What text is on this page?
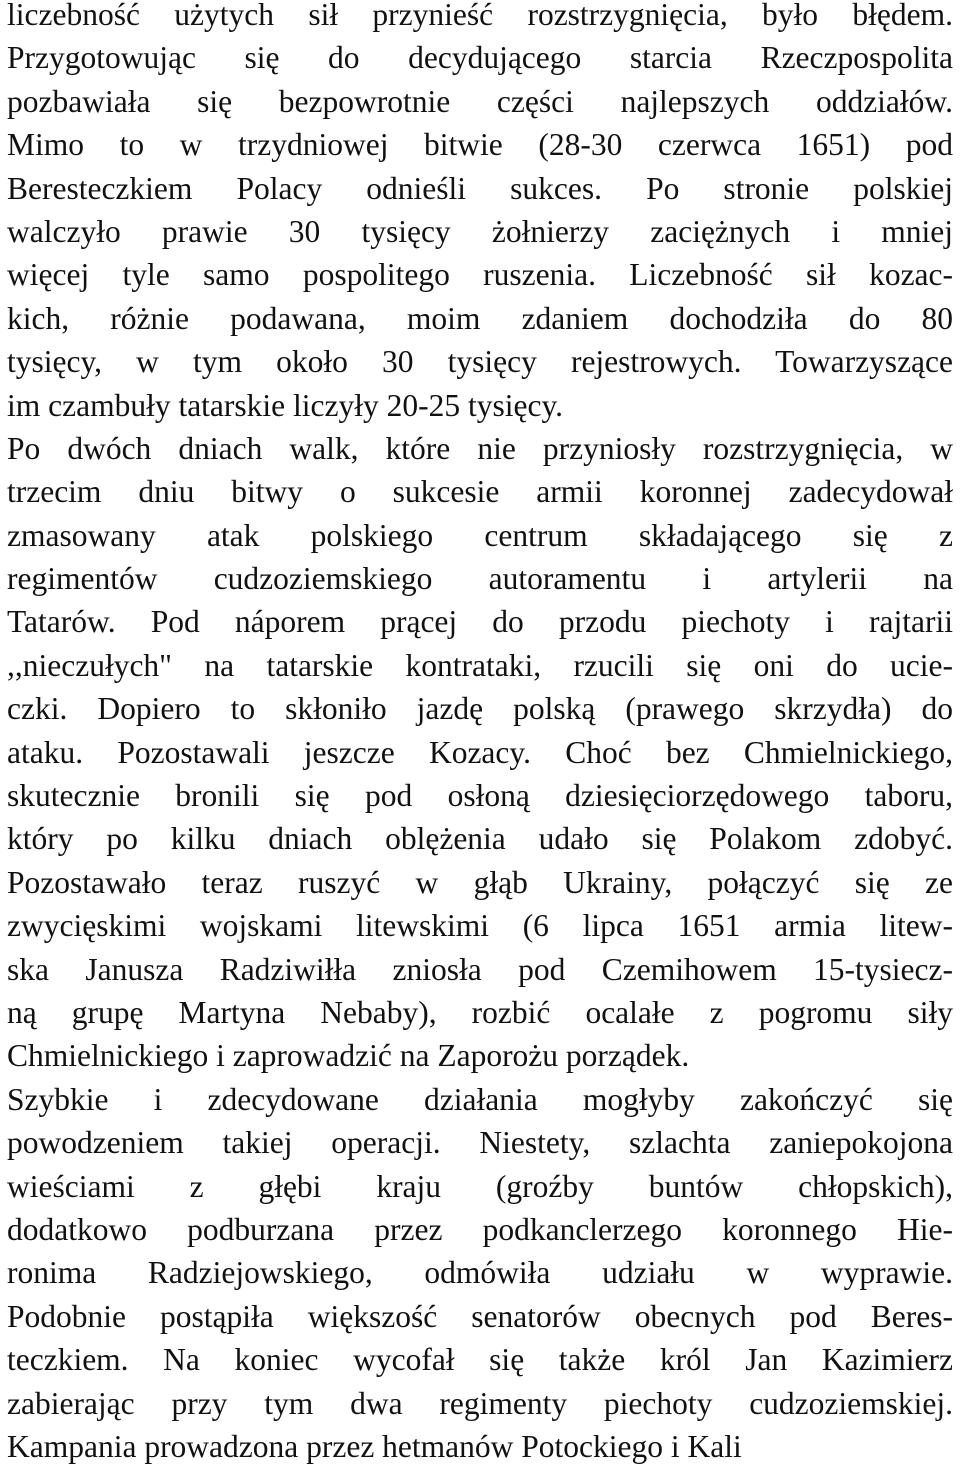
liczebność użytych sił przynieść rozstrzygnięcia, było błędem.
Przygotowując się do decydującego starcia Rzeczpospolita
pozbawiała się bezpowrotnie części najlepszych oddziałów.
Mimo to w trzydniowej bitwie (28-30 czerwca 1651) pod
Beresteczkiem Polacy odnieśli sukces. Po stronie polskiej
walczyło prawie 30 tysięcy żołnierzy zaciężnych i mniej
więcej tyle samo pospolitego ruszenia. Liczebność sił kozac-
kich, różnie podawana, moim zdaniem dochodziła do 80
tysięcy, w tym około 30 tysięcy rejestrowych. Towarzyszące
im czambuły tatarskie liczyły 20-25 tysięcy.
Po dwóch dniach walk, które nie przyniosły rozstrzygnięcia, w
trzecim dniu bitwy o sukcesie armii koronnej zadecydował
zmasowany atak polskiego centrum składającego się z
regimentów cudzoziemskiego autoramentu i artylerii na
Tatarów. Pod náporem prącej do przodu piechoty i rajtarii
,,nieczułych" na tatarskie kontrataki, rzucili się oni do ucie-
czki. Dopiero to skłoniło jazdę polską (prawego skrzydła) do
ataku. Pozostawali jeszcze Kozacy. Choć bez Chmielnickiego,
skutecznie bronili się pod osłoną dziesięciorzędowego taboru,
który po kilku dniach oblężenia udało się Polakom zdobyć.
Pozostawało teraz ruszyć w głąb Ukrainy, połączyć się ze
zwycięskimi wojskami litewskimi (6 lipca 1651 armia litew-
ska Janusza Radziwiłła zniosła pod Czemihowem 15-tysiecz-
ną grupę Martyna Nebaby), rozbić ocalałe z pogromu siły
Chmielnickiego i zaprowadzić na Zaporożu porządek.
Szybkie i zdecydowane działania mogłyby zakończyć się
powodzeniem takiej operacji. Niestety, szlachta zaniepokojona
wieściami z głębi kraju (groźby buntów chłopskich),
dodatkowo podburzana przez podkanclerzego koronnego Hie-
ronima Radziejowskiego, odmówiła udziału w wyprawie.
Podobnie postąpiła większość senatorów obecnych pod Beres-
teczkiem. Na koniec wycofał się także król Jan Kazimierz
zabierając przy tym dwa regimenty piechoty cudzoziemskiej.
Kampania prowadzona przez hetmanów Potockiego i Kali
